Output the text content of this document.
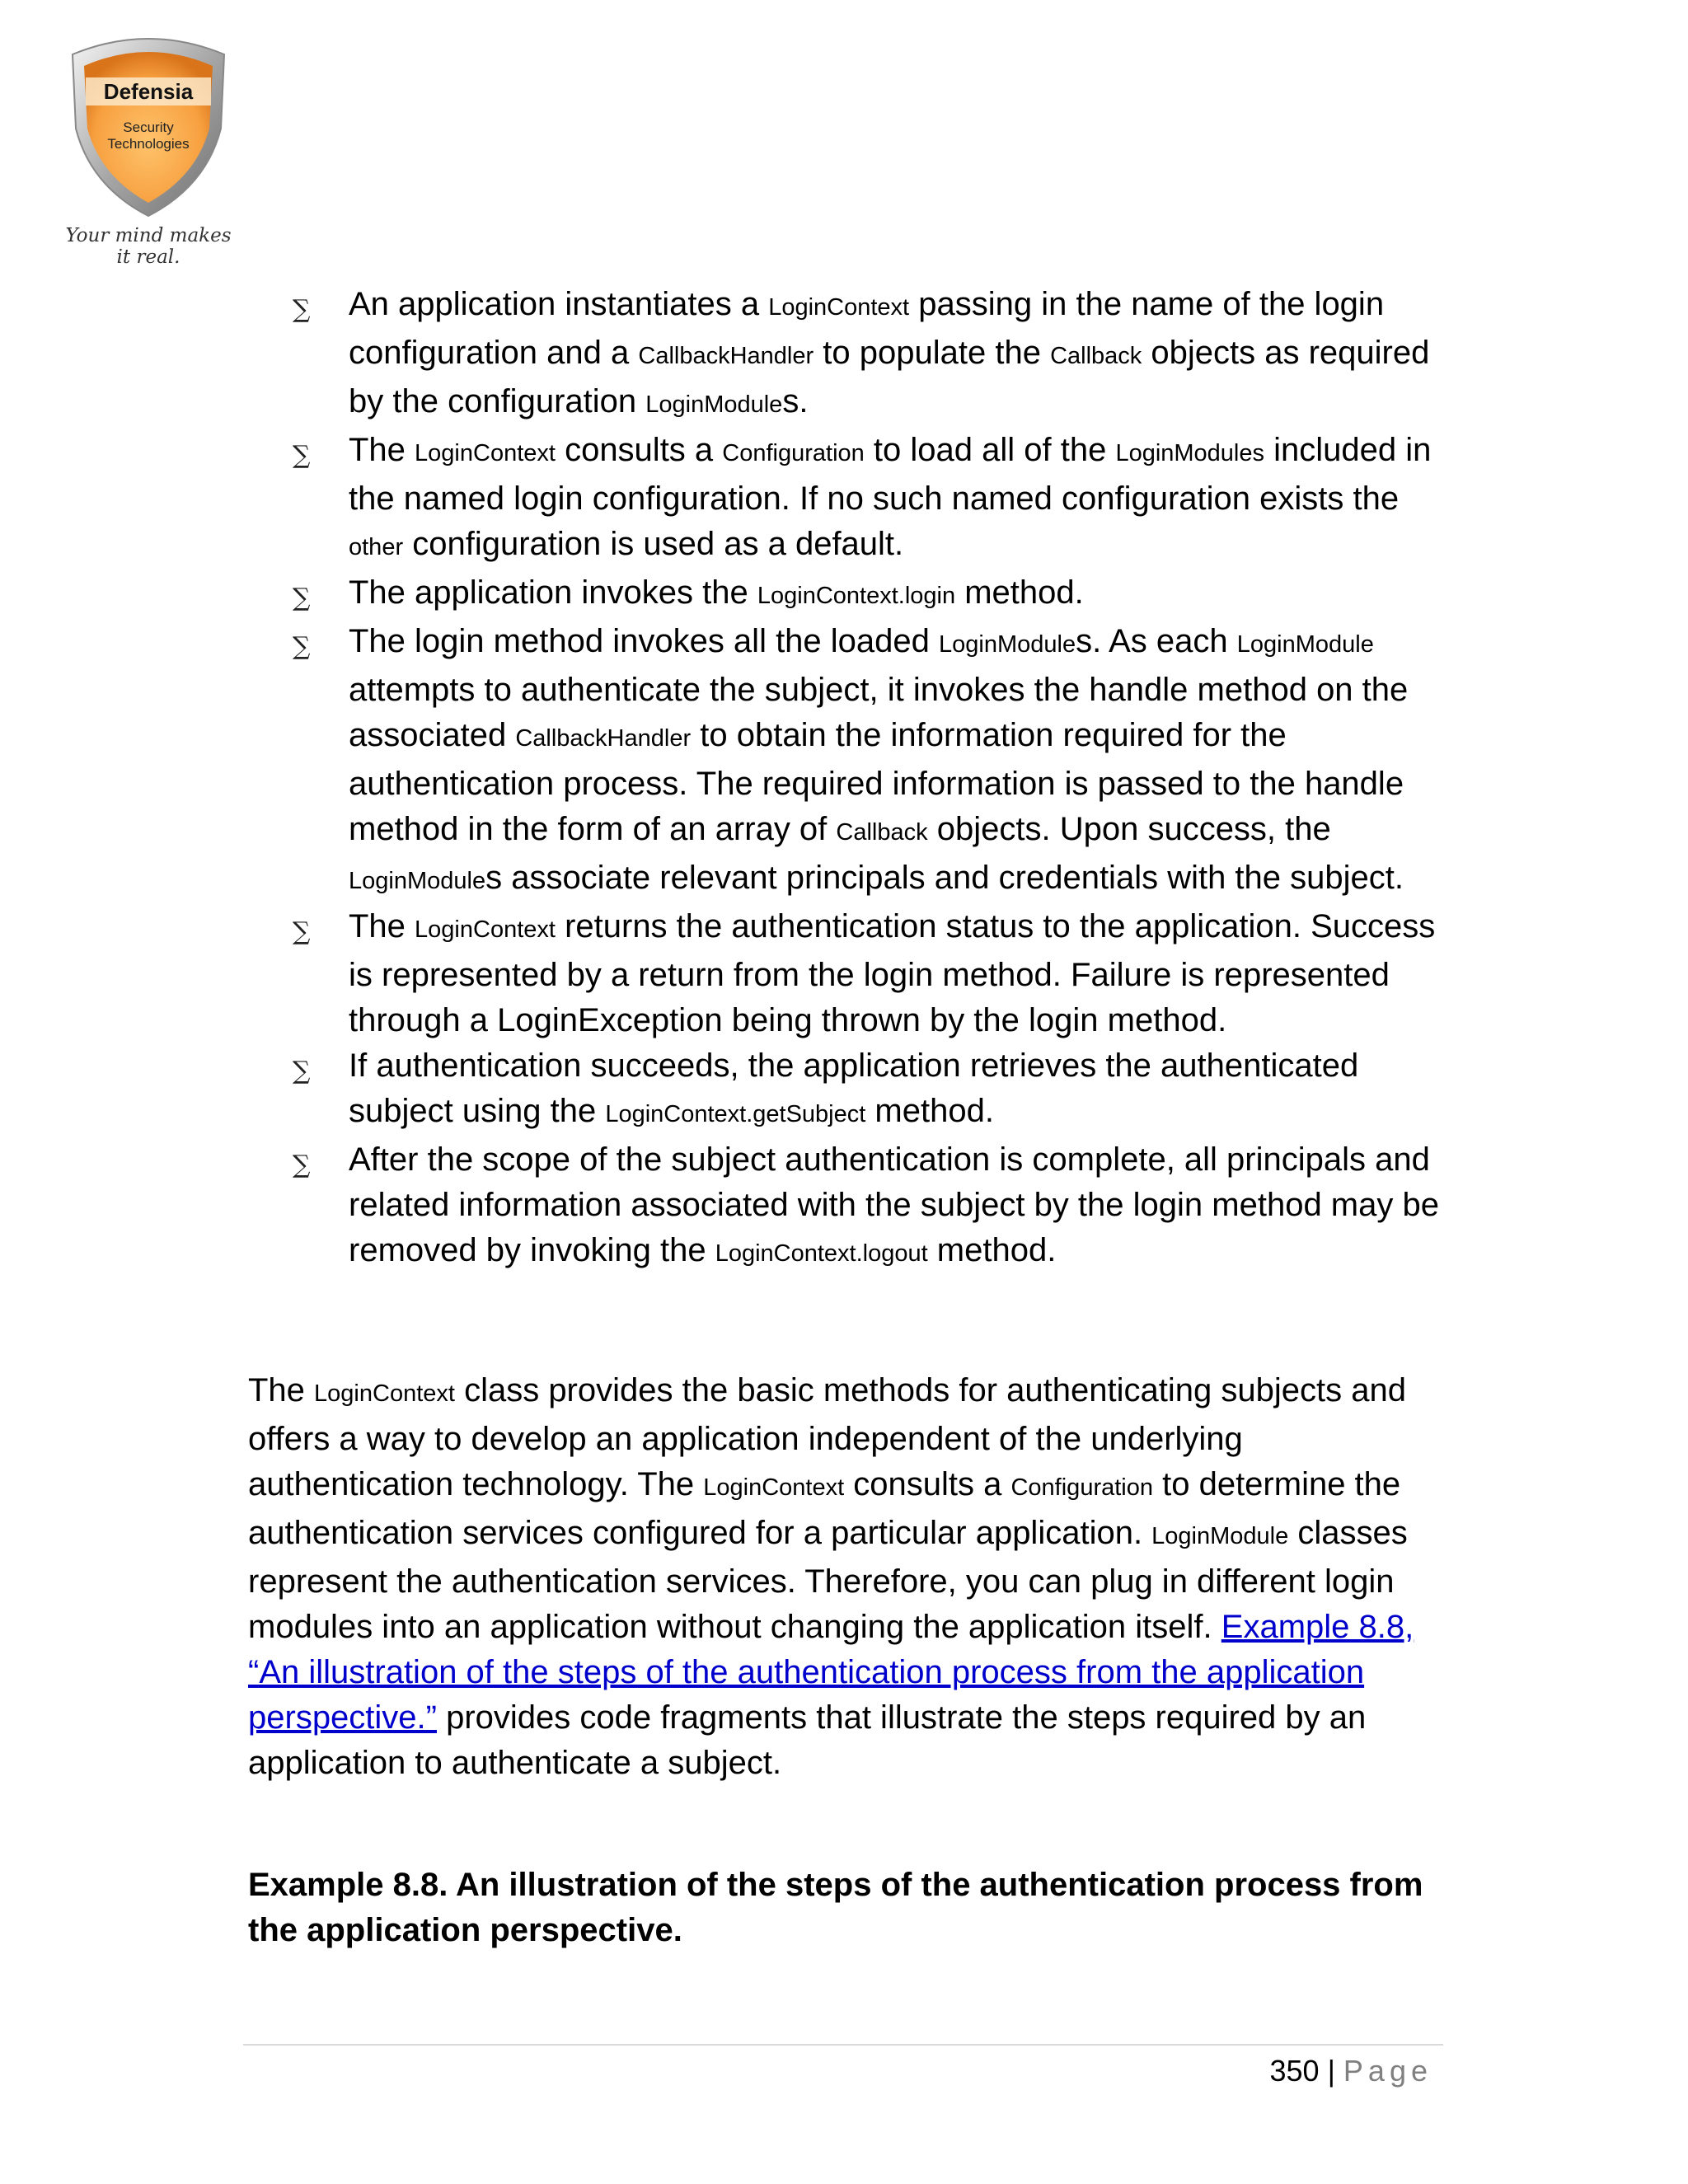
Defensia
Security
Technologies
Your mind makes it real.
∑ An application instantiates a LoginContext passing in the name of the login configuration and a CallbackHandler to populate the Callback objects as required by the configuration LoginModules.
∑ The LoginContext consults a Configuration to load all of the LoginModules included in the named login configuration. If no such named configuration exists the other configuration is used as a default.
∑ The application invokes the LoginContext.login method.
∑ The login method invokes all the loaded LoginModules. As each LoginModule attempts to authenticate the subject, it invokes the handle method on the associated CallbackHandler to obtain the information required for the authentication process. The required information is passed to the handle method in the form of an array of Callback objects. Upon success, the LoginModules associate relevant principals and credentials with the subject.
∑ The LoginContext returns the authentication status to the application. Success is represented by a return from the login method. Failure is represented through a LoginException being thrown by the login method.
∑ If authentication succeeds, the application retrieves the authenticated subject using the LoginContext.getSubject method.
∑ After the scope of the subject authentication is complete, all principals and related information associated with the subject by the login method may be removed by invoking the LoginContext.logout method.

The LoginContext class provides the basic methods for authenticating subjects and offers a way to develop an application independent of the underlying authentication technology. The LoginContext consults a Configuration to determine the authentication services configured for a particular application. LoginModule classes represent the authentication services. Therefore, you can plug in different login modules into an application without changing the application itself. Example 8.8, “An illustration of the steps of the authentication process from the application perspective.” provides code fragments that illustrate the steps required by an application to authenticate a subject.

Example 8.8. An illustration of the steps of the authentication process from the application perspective.

350 | Page
